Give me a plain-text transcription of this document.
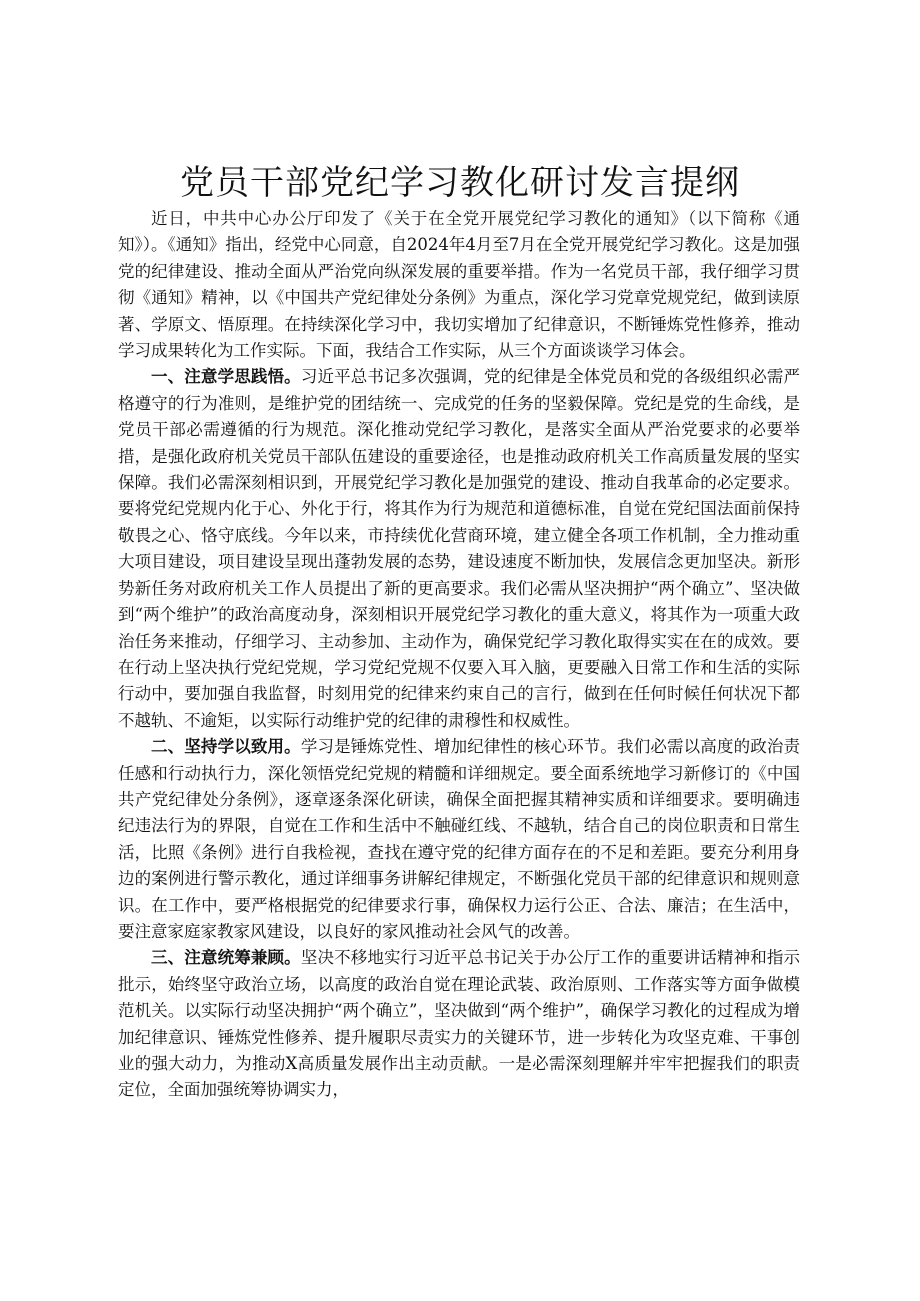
党员干部党纪学习教化研讨发言提纲

近日，中共中心办公厅印发了《关于在全党开展党纪学习教化的通知》（以下简称《通知》）。《通知》指出，经党中心同意，自2024年4月至7月在全党开展党纪学习教化。这是加强党的纪律建设、推动全面从严治党向纵深发展的重要举措。作为一名党员干部，我仔细学习贯彻《通知》精神，以《中国共产党纪律处分条例》为重点，深化学习党章党规党纪，做到读原著、学原文、悟原理。在持续深化学习中，我切实增加了纪律意识，不断锤炼党性修养，推动学习成果转化为工作实际。下面，我结合工作实际，从三个方面谈谈学习体会。

一、注意学思践悟。习近平总书记多次强调，党的纪律是全体党员和党的各级组织必需严格遵守的行为准则，是维护党的团结统一、完成党的任务的坚毅保障。党纪是党的生命线，是党员干部必需遵循的行为规范。深化推动党纪学习教化，是落实全面从严治党要求的必要举措，是强化政府机关党员干部队伍建设的重要途径，也是推动政府机关工作高质量发展的坚实保障。我们必需深刻相识到，开展党纪学习教化是加强党的建设、推动自我革命的必定要求。要将党纪党规内化于心、外化于行，将其作为行为规范和道德标准，自觉在党纪国法面前保持敬畏之心、恪守底线。今年以来，市持续优化营商环境，建立健全各项工作机制，全力推动重大项目建设，项目建设呈现出蓬勃发展的态势，建设速度不断加快，发展信念更加坚决。新形势新任务对政府机关工作人员提出了新的更高要求。我们必需从坚决拥护“两个确立”、坚决做到“两个维护”的政治高度动身，深刻相识开展党纪学习教化的重大意义，将其作为一项重大政治任务来推动，仔细学习、主动参加、主动作为，确保党纪学习教化取得实实在在的成效。要在行动上坚决执行党纪党规，学习党纪党规不仅要入耳入脑，更要融入日常工作和生活的实际行动中，要加强自我监督，时刻用党的纪律来约束自己的言行，做到在任何时候任何状况下都不越轨、不逾矩，以实际行动维护党的纪律的肃穆性和权威性。

二、坚持学以致用。学习是锤炼党性、增加纪律性的核心环节。我们必需以高度的政治责任感和行动执行力，深化领悟党纪党规的精髓和详细规定。要全面系统地学习新修订的《中国共产党纪律处分条例》，逐章逐条深化研读，确保全面把握其精神实质和详细要求。要明确违纪违法行为的界限，自觉在工作和生活中不触碰红线、不越轨，结合自己的岗位职责和日常生活，比照《条例》进行自我检视，查找在遵守党的纪律方面存在的不足和差距。要充分利用身边的案例进行警示教化，通过详细事务讲解纪律规定，不断强化党员干部的纪律意识和规则意识。在工作中，要严格根据党的纪律要求行事，确保权力运行公正、合法、廉洁；在生活中，要注意家庭家教家风建设，以良好的家风推动社会风气的改善。

三、注意统筹兼顾。坚决不移地实行习近平总书记关于办公厅工作的重要讲话精神和指示批示，始终坚守政治立场，以高度的政治自觉在理论武装、政治原则、工作落实等方面争做模范机关。以实际行动坚决拥护“两个确立”，坚决做到“两个维护”，确保学习教化的过程成为增加纪律意识、锤炼党性修养、提升履职尽责实力的关键环节，进一步转化为攻坚克难、干事创业的强大动力，为推动X高质量发展作出主动贡献。一是必需深刻理解并牢牢把握我们的职责定位，全面加强统筹协调实力，
